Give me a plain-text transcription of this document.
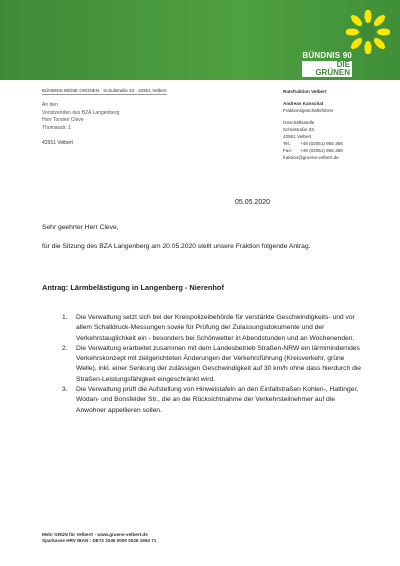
BÜNDNIS 90
DIE GRÜNEN
BÜNDNIS 90/DIE GRÜNEN · Schulstraße 33 · 42551 Velbert
An den
Vorsitzenden des BZA Langenberg
Herr Torsten Cleve
Thomasstr. 1
42551 Velbert
Ratsfraktion Velbert
Andreas Kanschat
Fraktionsgeschäftsführer
Geschäftsstelle
Schulstraße 33
42551 Velbert
Tel.:	+49 (02051) 955 356
Fax:	+49 (02051) 955 358
fraktion@gruene-velbert.de
05.05.2020

Sehr geehrter Herr Cleve,

für die Sitzung des BZA Langenberg am 20.05.2020 stellt unsere Fraktion folgende Antrag.

Antrag: Lärmbelästigung in Langenberg - Nierenhof
1. Die Verwaltung setzt sich bei der Kreispolizeibehörde für verstärkte Geschwindigkeits- und vor allem Schalldruck-Messungen sowie für Prüfung der Zulassungsdokumente und der Verkehrstauglichkeit ein - besonders bei Schönwetter in Abendstunden und an Wochenenden.
2. Die Verwaltung erarbeitet zusammen mit dem Landesbetrieb Straßen-NRW ein lärmminderndes Verkehrskonzept mit zielgerichteten Änderungen der Verkehrsführung (Kreisverkehr, grüne Welle), inkl. einer Senkung der zulässigen Geschwindigkeit auf 30 km/h ohne dass hierdurch die Straßen-Leistungsfähigkeit eingeschränkt wird.
3. Die Verwaltung prüft die Aufstellung von Hinweistafeln an den Einfallstraßen Kohlen-, Hattinger, Wodan- und Bonsfelder Str., die an die Rücksichtnahme der Verkehrsteilnehmer auf die Anwohner appellieren sollen.
Mehr GRÜN für Velbert! - www.gruene-velbert.de
Sparkasse HRV IBAN : DE72 3345 0000 0026 1994 71
